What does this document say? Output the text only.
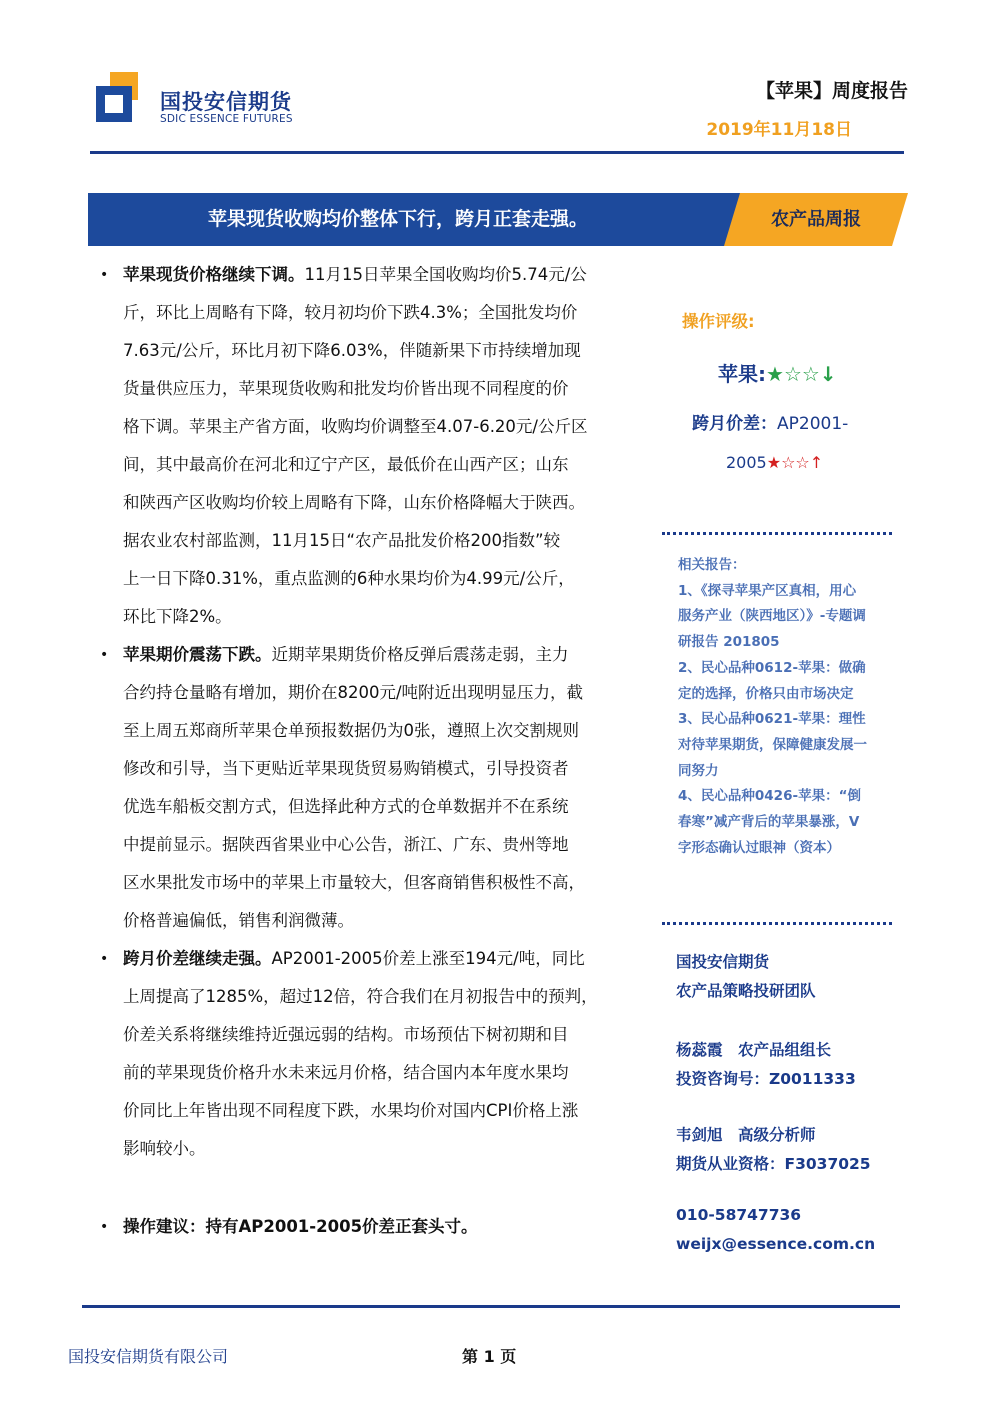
国投安信期货
SDIC ESSENCE FUTURES
【苹果】周度报告
2019年11月18日
苹果现货收购均价整体下行，跨月正套走强。	农产品周报
• 苹果现货价格继续下调。11月15日苹果全国收购均价5.74元/公
斤，环比上周略有下降，较月初均价下跌4.3%；全国批发均价
7.63元/公斤，环比月初下降6.03%，伴随新果下市持续增加现
货量供应压力，苹果现货收购和批发均价皆出现不同程度的价
格下调。苹果主产省方面，收购均价调整至4.07-6.20元/公斤区
间，其中最高价在河北和辽宁产区，最低价在山西产区；山东
和陕西产区收购均价较上周略有下降，山东价格降幅大于陕西。
据农业农村部监测，11月15日“农产品批发价格200指数”较
上一日下降0.31%，重点监测的6种水果均价为4.99元/公斤，
环比下降2%。
• 苹果期价震荡下跌。近期苹果期货价格反弹后震荡走弱，主力
合约持仓量略有增加，期价在8200元/吨附近出现明显压力，截
至上周五郑商所苹果仓单预报数据仍为0张，遵照上次交割规则
修改和引导，当下更贴近苹果现货贸易购销模式，引导投资者
优选车船板交割方式，但选择此种方式的仓单数据并不在系统
中提前显示。据陕西省果业中心公告，浙江、广东、贵州等地
区水果批发市场中的苹果上市量较大，但客商销售积极性不高，
价格普遍偏低，销售利润微薄。
• 跨月价差继续走强。AP2001-2005价差上涨至194元/吨，同比
上周提高了1285%，超过12倍，符合我们在月初报告中的预判，
价差关系将继续维持近强远弱的结构。市场预估下树初期和目
前的苹果现货价格升水未来远月价格，结合国内本年度水果均
价同比上年皆出现不同程度下跌，水果均价对国内CPI价格上涨
影响较小。
• 操作建议：持有AP2001-2005价差正套头寸。
操作评级:
苹果:★☆☆↓
跨月价差：AP2001-
2005★☆☆↑
相关报告：
1、《探寻苹果产区真相，用心
服务产业（陕西地区）》-专题调
研报告 201805
2、民心品种0612-苹果：做确
定的选择，价格只由市场决定
3、民心品种0621-苹果：理性
对待苹果期货，保障健康发展一
同努力
4、民心品种0426-苹果：“倒
春寒”减产背后的苹果暴涨，V
字形态确认过眼神（资本）
国投安信期货
农产品策略投研团队
杨蕊霞　农产品组组长
投资咨询号：Z0011333
韦剑旭　高级分析师
期货从业资格：F3037025
010-58747736
weijx@essence.com.cn
国投安信期货有限公司	第 1 页
